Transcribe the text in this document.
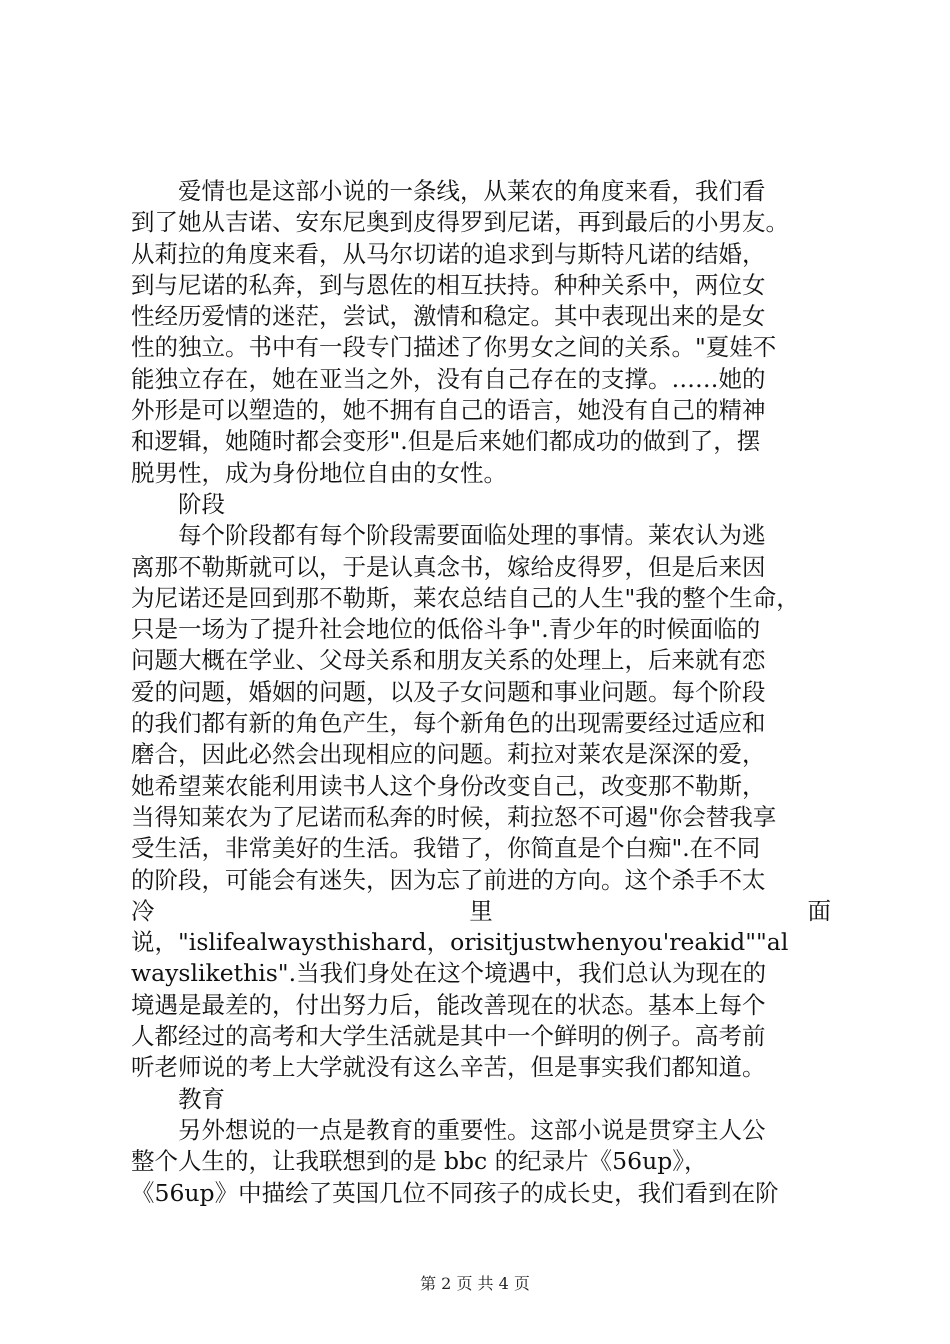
　　爱情也是这部小说的一条线，从莱农的角度来看，我们看
到了她从吉诺、安东尼奥到皮得罗到尼诺，再到最后的小男友。
从莉拉的角度来看，从马尔切诺的追求到与斯特凡诺的结婚，
到与尼诺的私奔，到与恩佐的相互扶持。种种关系中，两位女
性经历爱情的迷茫，尝试，激情和稳定。其中表现出来的是女
性的独立。书中有一段专门描述了你男女之间的关系。"夏娃不
能独立存在，她在亚当之外，没有自己存在的支撑。……她的
外形是可以塑造的，她不拥有自己的语言，她没有自己的精神
和逻辑，她随时都会变形".但是后来她们都成功的做到了，摆
脱男性，成为身份地位自由的女性。
　　阶段
　　每个阶段都有每个阶段需要面临处理的事情。莱农认为逃
离那不勒斯就可以，于是认真念书，嫁给皮得罗，但是后来因
为尼诺还是回到那不勒斯，莱农总结自己的人生"我的整个生命，
只是一场为了提升社会地位的低俗斗争".青少年的时候面临的
问题大概在学业、父母关系和朋友关系的处理上，后来就有恋
爱的问题，婚姻的问题，以及子女问题和事业问题。每个阶段
的我们都有新的角色产生，每个新角色的出现需要经过适应和
磨合，因此必然会出现相应的问题。莉拉对莱农是深深的爱，
她希望莱农能利用读书人这个身份改变自己，改变那不勒斯，
当得知莱农为了尼诺而私奔的时候，莉拉怒不可遏"你会替我享
受生活，非常美好的生活。我错了，你简直是个白痴".在不同
的阶段，可能会有迷失，因为忘了前进的方向。这个杀手不太
冷	里	面
说，"islifealwaysthishard，orisitjustwhenyou'reakid""al
wayslikethis".当我们身处在这个境遇中，我们总认为现在的
境遇是最差的，付出努力后，能改善现在的状态。基本上每个
人都经过的高考和大学生活就是其中一个鲜明的例子。高考前
听老师说的考上大学就没有这么辛苦，但是事实我们都知道。
　　教育
　　另外想说的一点是教育的重要性。这部小说是贯穿主人公
整个人生的，让我联想到的是 bbc 的纪录片《56up》，
《56up》中描绘了英国几位不同孩子的成长史，我们看到在阶
第 2 页 共 4 页
